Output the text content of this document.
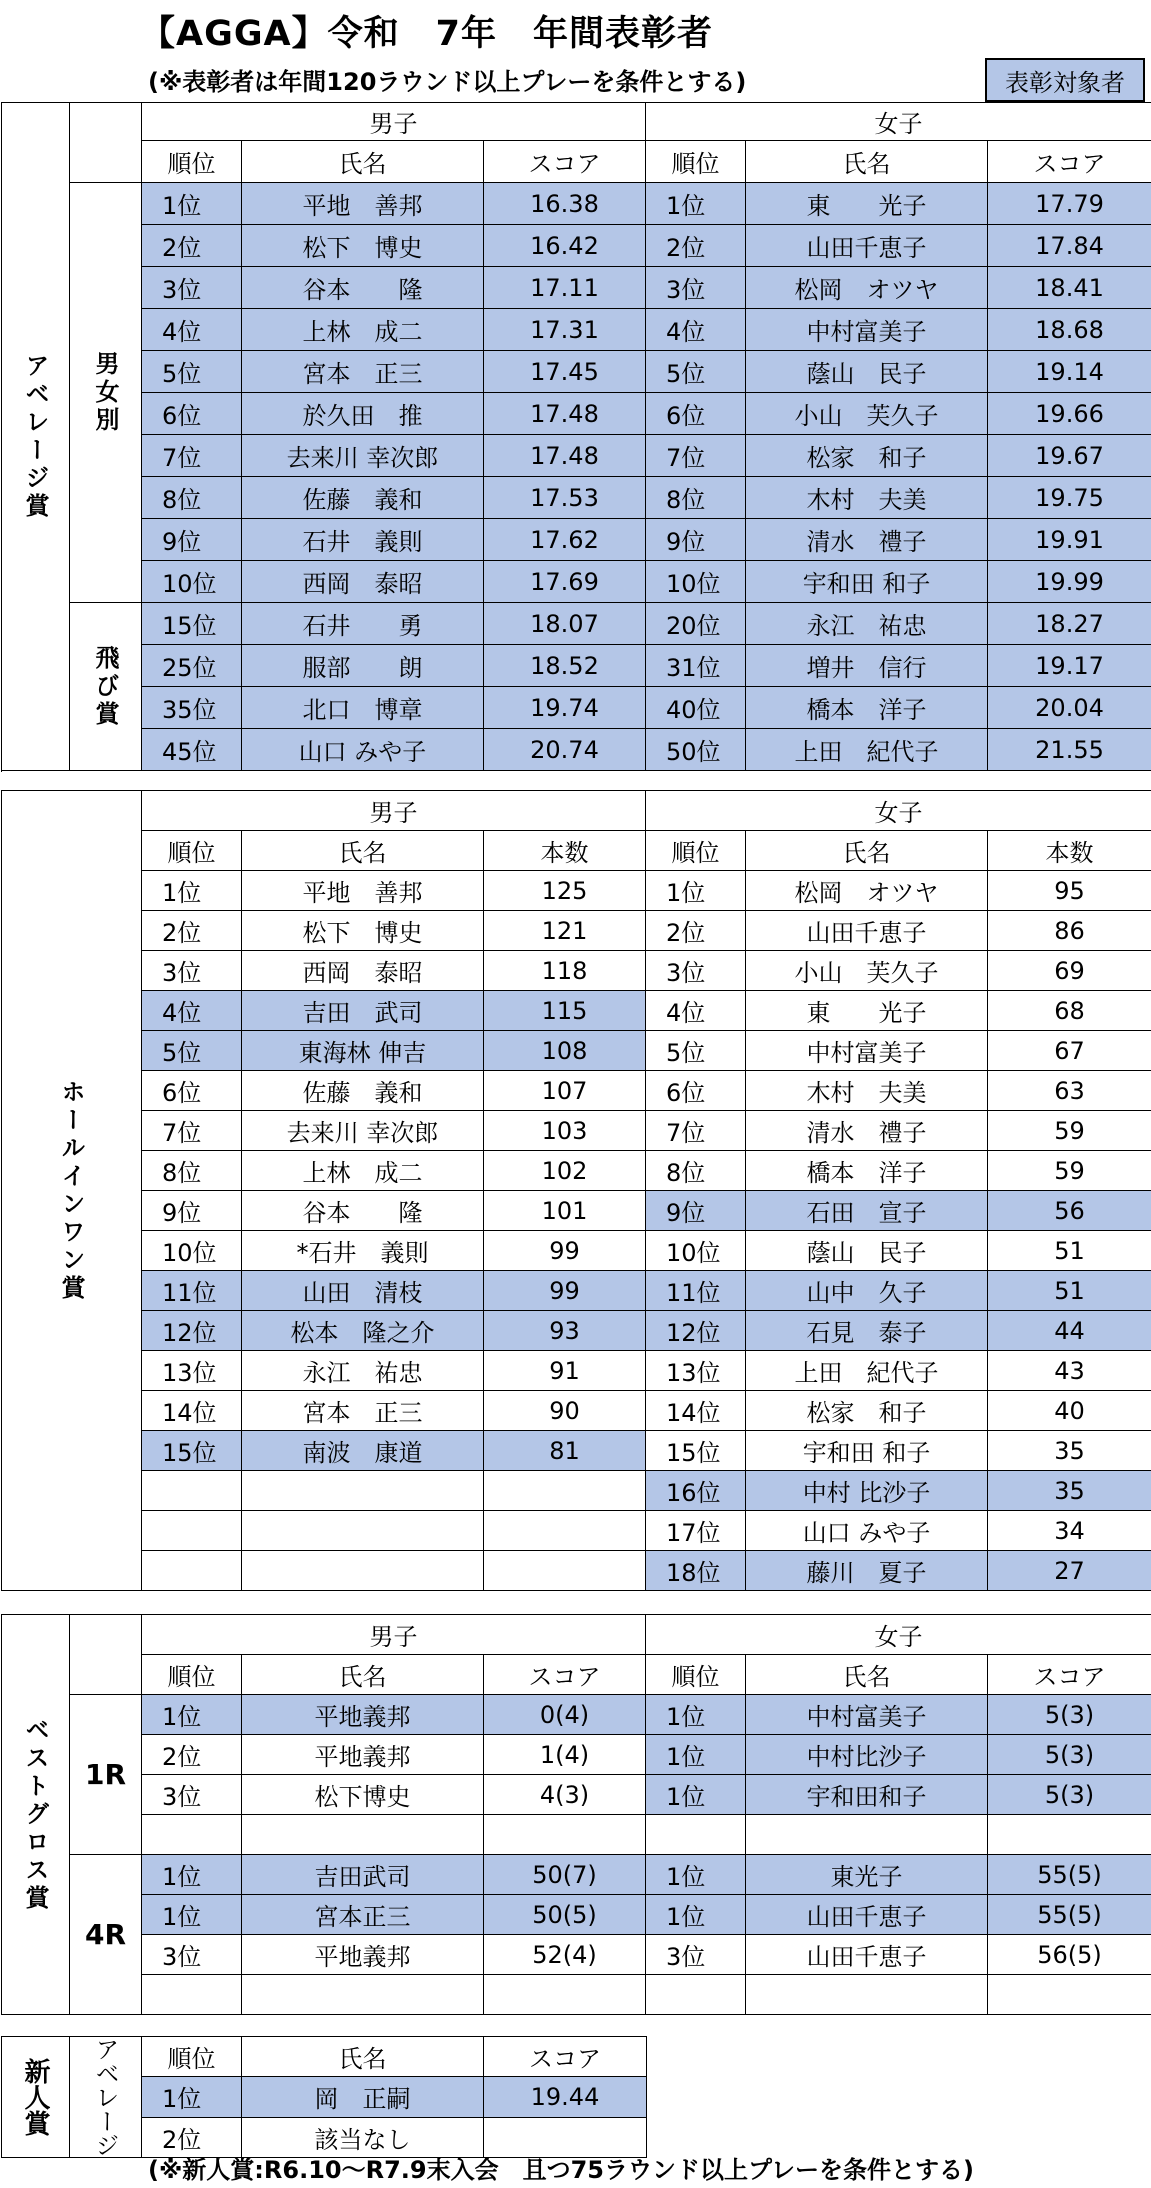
【AGGA】令和　7年　年間表彰者
(※表彰者は年間120ラウンド以上プレーを条件とする)	表彰対象者
アベレージ賞		男子			女子		
		順位	氏名	スコア	順位	氏名	スコア
	男女別	1位	平地　善邦	16.38	1位	東　　光子	17.79
		2位	松下　博史	16.42	2位	山田千恵子	17.84
		3位	谷本　　隆	17.11	3位	松岡　オツヤ	18.41
		4位	上林　成二	17.31	4位	中村富美子	18.68
		5位	宮本　正三	17.45	5位	蔭山　民子	19.14
		6位	於久田　推	17.48	6位	小山　芙久子	19.66
		7位	去来川 幸次郎	17.48	7位	松家　和子	19.67
		8位	佐藤　義和	17.53	8位	木村　夫美	19.75
		9位	石井　義則	17.62	9位	清水　禮子	19.91
		10位	西岡　泰昭	17.69	10位	宇和田 和子	19.99
	飛び賞	15位	石井　　勇	18.07	20位	永江　祐忠	18.27
		25位	服部　　朗	18.52	31位	増井　信行	19.17
		35位	北口　博章	19.74	40位	橋本　洋子	20.04
		45位	山口 みや子	20.74	50位	上田　紀代子	21.55

ホールインワン賞	男子			女子		
	順位	氏名	本数	順位	氏名	本数
	1位	平地　善邦	125	1位	松岡　オツヤ	95
	2位	松下　博史	121	2位	山田千恵子	86
	3位	西岡　泰昭	118	3位	小山　芙久子	69
	4位	吉田　武司	115	4位	東　　光子	68
	5位	東海林 伸吉	108	5位	中村富美子	67
	6位	佐藤　義和	107	6位	木村　夫美	63
	7位	去来川 幸次郎	103	7位	清水　禮子	59
	8位	上林　成二	102	8位	橋本　洋子	59
	9位	谷本　　隆	101	9位	石田　宣子	56
	10位	*石井　義則	99	10位	蔭山　民子	51
	11位	山田　清枝	99	11位	山中　久子	51
	12位	松本　隆之介	93	12位	石見　泰子	44
	13位	永江　祐忠	91	13位	上田　紀代子	43
	14位	宮本　正三	90	14位	松家　和子	40
	15位	南波　康道	81	15位	宇和田 和子	35
				16位	中村 比沙子	35
				17位	山口 みや子	34
				18位	藤川　夏子	27
ベストグロス賞		男子			女子		
		順位	氏名	スコア	順位	氏名	スコア
	1R	1位	平地義邦	0(4)	1位	中村富美子	5(3)
		2位	平地義邦	1(4)	1位	中村比沙子	5(3)
		3位	松下博史	4(3)	1位	宇和田和子	5(3)

	4R	1位	吉田武司	50(7)	1位	東光子	55(5)
		1位	宮本正三	50(5)	1位	山田千恵子	55(5)
		3位	平地義邦	52(4)	3位	山田千恵子	56(5)

新人賞	アベレージ	順位	氏名	スコア
		1位	岡　正嗣	19.44
		2位	該当なし	
(※新人賞:R6.10〜R7.9末入会　且つ75ラウンド以上プレーを条件とする)
